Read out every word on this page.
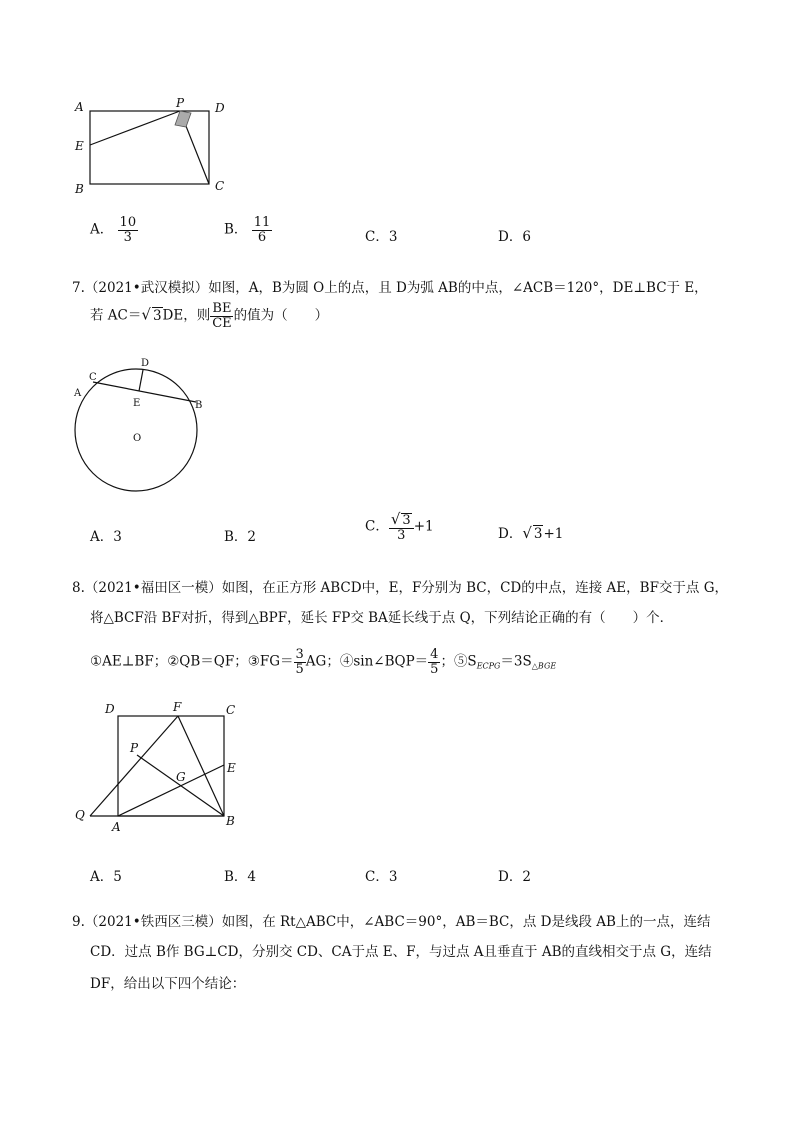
A	P	D
E
B	C
A． $\frac{10}{3}$	B． $\frac{11}{6}$	C．3	D．6
7.（2021•武汉模拟）如图，A，B为圆 O上的点，且 D为弧 AB的中点，∠ACB＝120°，DE⊥BC于 E，
若 AC＝√ 3DE，则 $\frac{BE}{CE}$ 的值为（　　）
C
D
A
E	B
O
A．3	B．2
C． $\frac{√ 3}{3} +1$	D．√ 3+1
8.（2021•福田区一模）如图，在正方形 ABCD中，E，F分别为 BC，CD的中点，连接 AE，BF交于点 G，
将△BCF沿 BF对折，得到△BPF，延长 FP交 BA延长线于点 Q，下列结论正确的有（　　）个．
①AE⊥BF；②QB＝QF；③FG＝ $\frac{3}{5}$ AG；④sin∠BQP＝ $\frac{4}{5}$ ；$⑤S_{ECPG}=3S_{\triangle BGE}$
D	F	C
P
G
E
Q
A	B
A．5	B．4	C．3	D．2
9.（2021•铁西区三模）如图，在 Rt△ABC中，∠ABC＝90°，AB＝BC，点 D是线段 AB上的一点，连结
CD．过点 B作 BG⊥CD，分别交 CD、CA于点 E、F，与过点 A且垂直于 AB的直线相交于点 G，连结
DF，给出以下四个结论：
